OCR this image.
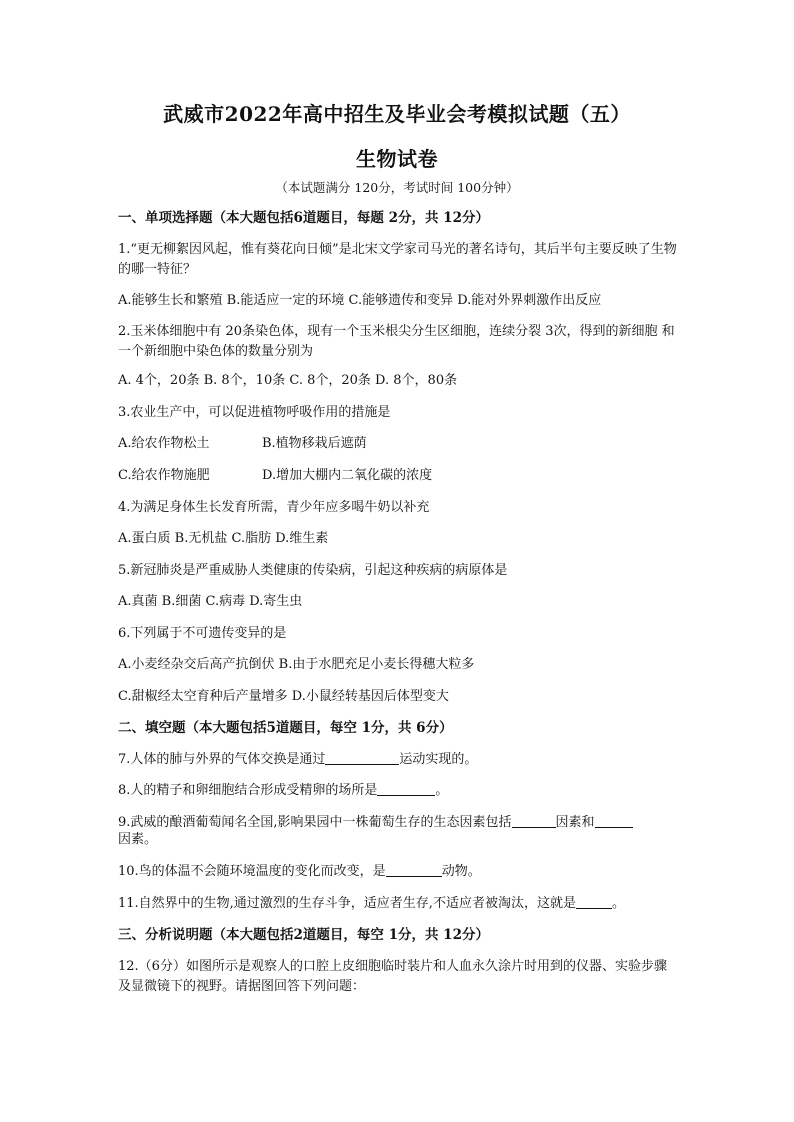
武威市2022年高中招生及毕业会考模拟试题（五）
生物试卷
（本试题满分 120分，考试时间 100分钟）
一、单项选择题（本大题包括6道题目，每题 2分，共 12分）
1.“更无柳絮因风起，惟有葵花向日倾”是北宋文学家司马光的著名诗句，其后半句主要反映了生物的哪一特征？
A.能够生长和繁殖 B.能适应一定的环境 C.能够遗传和变异 D.能对外界刺激作出反应
2.玉米体细胞中有 20条染色体，现有一个玉米根尖分生区细胞，连续分裂 3次，得到的新细胞 和一个新细胞中染色体的数量分别为
A. 4个，20条 B. 8个，10条 C. 8个，20条 D. 8个，80条
3.农业生产中，可以促进植物呼吸作用的措施是
A.给农作物松土	B.植物移栽后遮荫
C.给农作物施肥	D.增加大棚内二氧化碳的浓度
4.为满足身体生长发育所需，青少年应多喝牛奶以补充
A.蛋白质 B.无机盐 C.脂肪 D.维生素
5.新冠肺炎是严重威胁人类健康的传染病，引起这种疾病的病原体是
A.真菌 B.细菌 C.病毒 D.寄生虫
6.下列属于不可遗传变异的是
A.小麦经杂交后高产抗倒伏 B.由于水肥充足小麦长得穗大粒多
C.甜椒经太空育种后产量增多 D.小鼠经转基因后体型变大
二、填空题（本大题包括5道题目，每空 1分，共 6分）
7.人体的肺与外界的气体交换是通过	运动实现的。
8.人的精子和卵细胞结合形成受精卵的场所是	。
9.武威的酿酒葡萄闻名全国,影响果园中一株葡萄生存的生态因素包括	因素和
因素。
10.鸟的体温不会随环境温度的变化而改变，是	动物。
11.自然界中的生物,通过激烈的生存斗争，适应者生存,不适应者被淘汰，这就是	。
三、分析说明题（本大题包括2道题目，每空 1分，共 12分）
12.（6分）如图所示是观察人的口腔上皮细胞临时装片和人血永久涂片时用到的仪器、实验步骤及显微镜下的视野。请据图回答下列问题：
